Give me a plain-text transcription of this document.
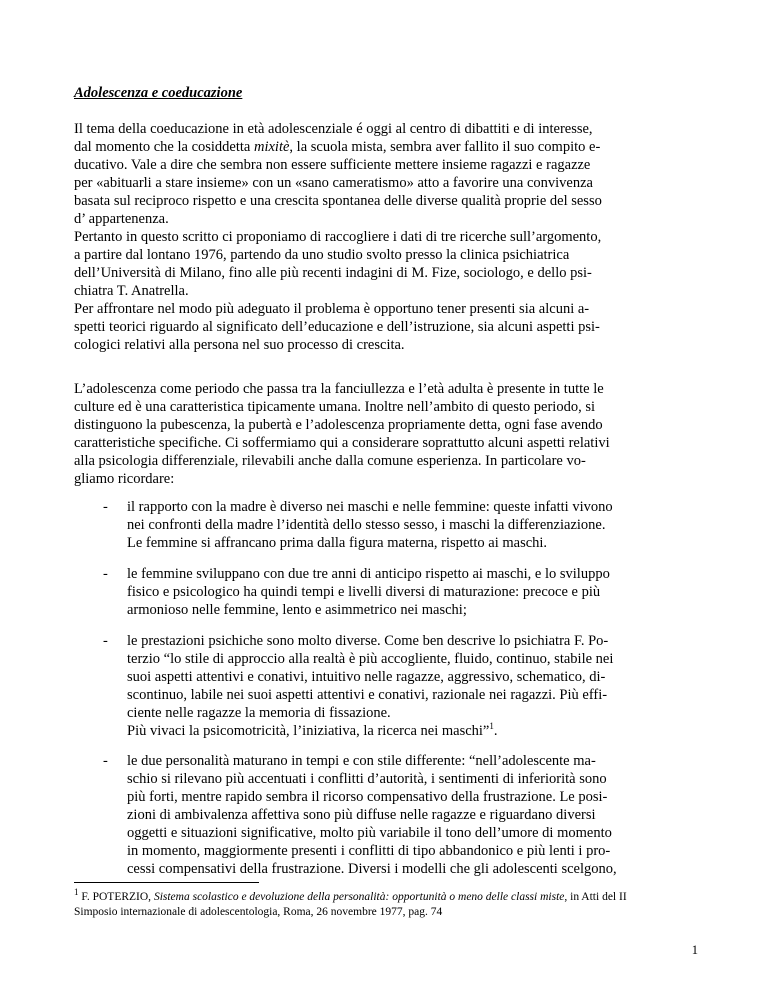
Adolescenza e coeducazione

Il tema della coeducazione in età adolescenziale é oggi al centro di dibattiti e di interesse,
dal momento che la cosiddetta mixitè, la scuola mista, sembra aver fallito il suo compito e-
ducativo. Vale a dire che sembra non essere sufficiente mettere insieme ragazzi e ragazze
per «abituarli a stare insieme» con un «sano cameratismo» atto a favorire una convivenza
basata sul reciproco rispetto e una crescita spontanea delle diverse qualità proprie del sesso
d’ appartenenza.
Pertanto in questo scritto ci proponiamo di raccogliere i dati di tre ricerche sull’argomento,
a partire dal lontano 1976, partendo da uno studio svolto presso la clinica psichiatrica
dell’Università di Milano, fino alle più recenti indagini di M. Fize, sociologo, e dello psi-
chiatra T. Anatrella.
Per affrontare nel modo più adeguato il problema è opportuno tener presenti sia alcuni a-
spetti teorici riguardo al significato dell’educazione e dell’istruzione, sia alcuni aspetti psi-
cologici relativi alla persona nel suo processo di crescita.

L’adolescenza come periodo che passa tra la fanciullezza e l’età adulta è presente in tutte le
culture ed è una caratteristica tipicamente umana. Inoltre nell’ambito di questo periodo, si
distinguono la pubescenza, la pubertà e l’adolescenza propriamente detta, ogni fase avendo
caratteristiche specifiche. Ci soffermiamo qui a considerare soprattutto alcuni aspetti relativi
alla psicologia differenziale, rilevabili anche dalla comune esperienza. In particolare vo-
gliamo ricordare:

- il rapporto con la madre è diverso nei maschi e nelle femmine: queste infatti vivono
nei confronti della madre l’identità dello stesso sesso, i maschi la differenziazione.
Le femmine si affrancano prima dalla figura materna, rispetto ai maschi.

- le femmine sviluppano con due tre anni di anticipo rispetto ai maschi, e lo sviluppo
fisico e psicologico ha quindi tempi e livelli diversi di maturazione: precoce e più
armonioso nelle femmine, lento e asimmetrico nei maschi;

- le prestazioni psichiche sono molto diverse. Come ben descrive lo psichiatra F. Po-
terzio “lo stile di approccio alla realtà è più accogliente, fluido, continuo, stabile nei
suoi aspetti attentivi e conativi, intuitivo nelle ragazze, aggressivo, schematico, di-
scontinuo, labile nei suoi aspetti attentivi e conativi, razionale nei ragazzi. Più effi-
ciente nelle ragazze la memoria di fissazione.
Più vivaci la psicomotricità, l’iniziativa, la ricerca nei maschi”$^1$.

- le due personalità maturano in tempi e con stile differente: “nell’adolescente ma-
schio si rilevano più accentuati i conflitti d’autorità, i sentimenti di inferiorità sono
più forti, mentre rapido sembra il ricorso compensativo della frustrazione. Le posi-
zioni di ambivalenza affettiva sono più diffuse nelle ragazze e riguardano diversi
oggetti e situazioni significative, molto più variabile il tono dell’umore di momento
in momento, maggiormente presenti i conflitti di tipo abbandonico e più lenti i pro-
cessi compensativi della frustrazione. Diversi i modelli che gli adolescenti scelgono,

$^1$ F. POTERZIO, Sistema scolastico e devoluzione della personalità: opportunità o meno delle classi miste, in Atti del II
Simposio internazionale di adolescentologia, Roma, 26 novembre 1977, pag. 74
1
